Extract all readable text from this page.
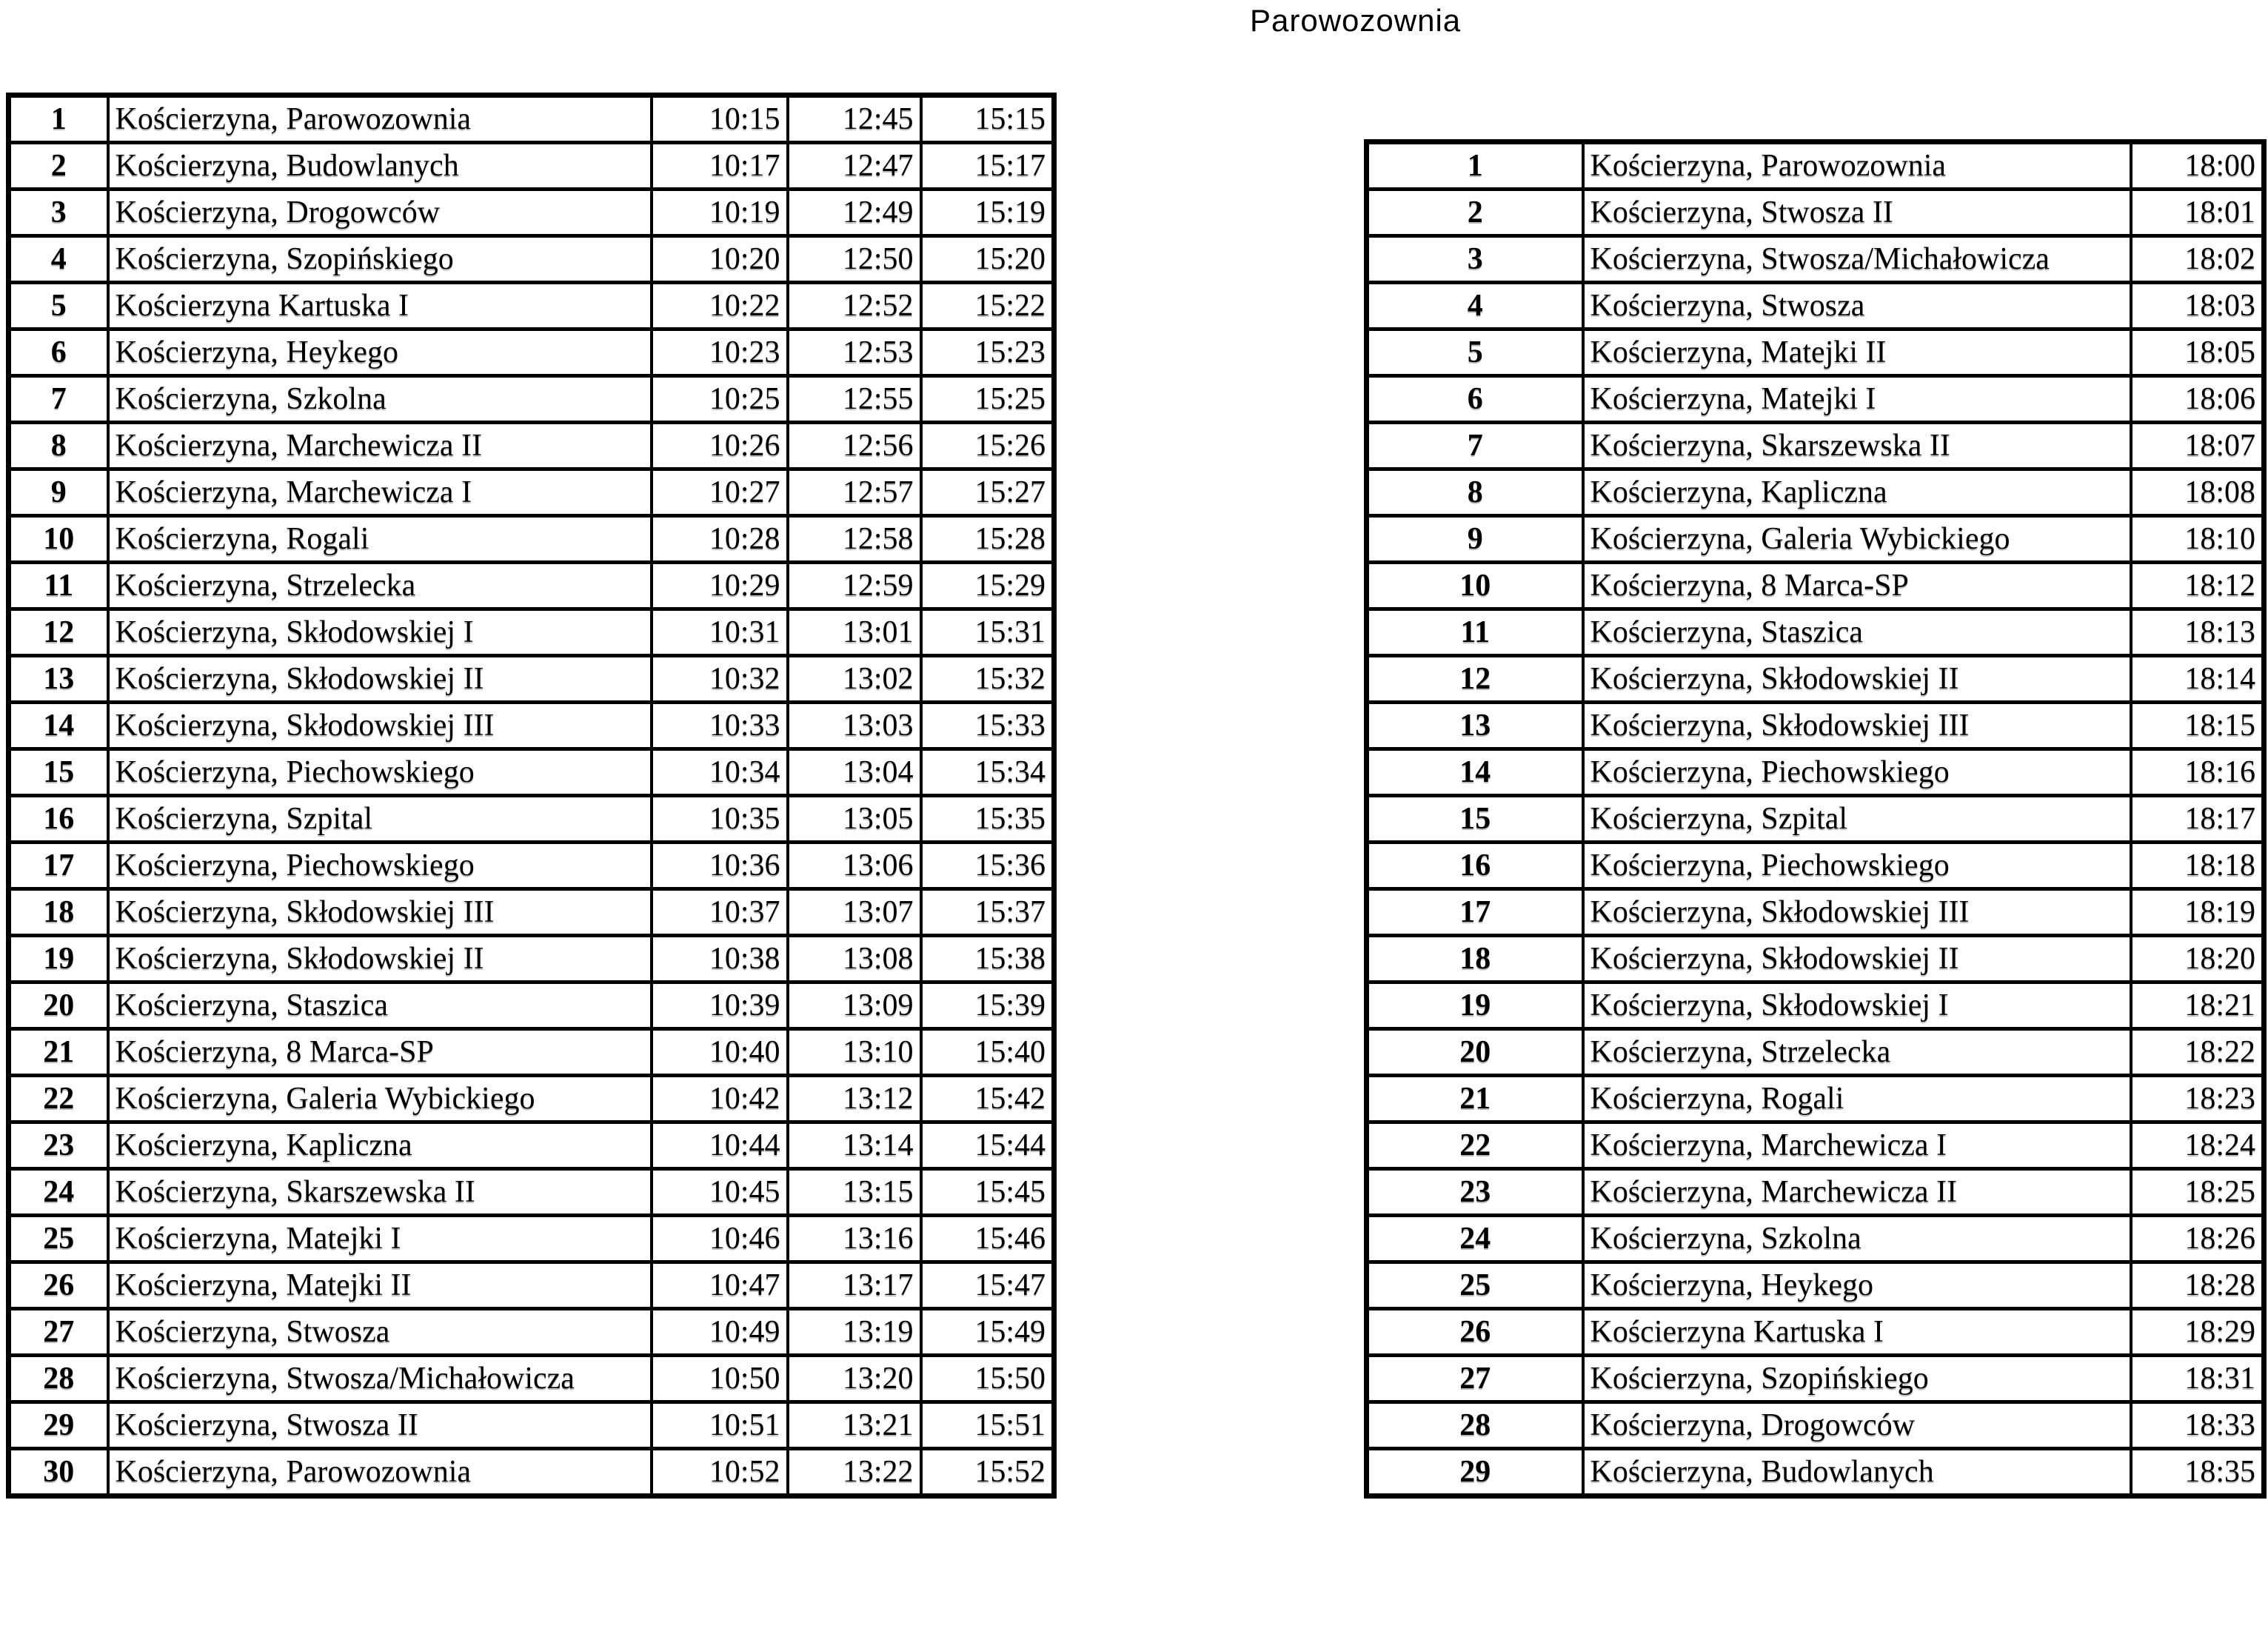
Parowozownia
1	Kościerzyna, Parowozownia	10:15	12:45	15:15
2	Kościerzyna, Budowlanych	10:17	12:47	15:17
3	Kościerzyna, Drogowców	10:19	12:49	15:19
4	Kościerzyna, Szopińskiego	10:20	12:50	15:20
5	Kościerzyna Kartuska I	10:22	12:52	15:22
6	Kościerzyna, Heykego	10:23	12:53	15:23
7	Kościerzyna, Szkolna	10:25	12:55	15:25
8	Kościerzyna, Marchewicza II	10:26	12:56	15:26
9	Kościerzyna, Marchewicza I	10:27	12:57	15:27
10	Kościerzyna, Rogali	10:28	12:58	15:28
11	Kościerzyna, Strzelecka	10:29	12:59	15:29
12	Kościerzyna, Skłodowskiej I	10:31	13:01	15:31
13	Kościerzyna, Skłodowskiej II	10:32	13:02	15:32
14	Kościerzyna, Skłodowskiej III	10:33	13:03	15:33
15	Kościerzyna, Piechowskiego	10:34	13:04	15:34
16	Kościerzyna, Szpital	10:35	13:05	15:35
17	Kościerzyna, Piechowskiego	10:36	13:06	15:36
18	Kościerzyna, Skłodowskiej III	10:37	13:07	15:37
19	Kościerzyna, Skłodowskiej II	10:38	13:08	15:38
20	Kościerzyna, Staszica	10:39	13:09	15:39
21	Kościerzyna, 8 Marca-SP	10:40	13:10	15:40
22	Kościerzyna, Galeria Wybickiego	10:42	13:12	15:42
23	Kościerzyna, Kapliczna	10:44	13:14	15:44
24	Kościerzyna, Skarszewska II	10:45	13:15	15:45
25	Kościerzyna, Matejki I	10:46	13:16	15:46
26	Kościerzyna, Matejki II	10:47	13:17	15:47
27	Kościerzyna, Stwosza	10:49	13:19	15:49
28	Kościerzyna, Stwosza/Michałowicza	10:50	13:20	15:50
29	Kościerzyna, Stwosza II	10:51	13:21	15:51
30	Kościerzyna, Parowozownia	10:52	13:22	15:52
1	Kościerzyna, Parowozownia	18:00
2	Kościerzyna, Stwosza II	18:01
3	Kościerzyna, Stwosza/Michałowicza	18:02
4	Kościerzyna, Stwosza	18:03
5	Kościerzyna, Matejki II	18:05
6	Kościerzyna, Matejki I	18:06
7	Kościerzyna, Skarszewska II	18:07
8	Kościerzyna, Kapliczna	18:08
9	Kościerzyna, Galeria Wybickiego	18:10
10	Kościerzyna, 8 Marca-SP	18:12
11	Kościerzyna, Staszica	18:13
12	Kościerzyna, Skłodowskiej II	18:14
13	Kościerzyna, Skłodowskiej III	18:15
14	Kościerzyna, Piechowskiego	18:16
15	Kościerzyna, Szpital	18:17
16	Kościerzyna, Piechowskiego	18:18
17	Kościerzyna, Skłodowskiej III	18:19
18	Kościerzyna, Skłodowskiej II	18:20
19	Kościerzyna, Skłodowskiej I	18:21
20	Kościerzyna, Strzelecka	18:22
21	Kościerzyna, Rogali	18:23
22	Kościerzyna, Marchewicza I	18:24
23	Kościerzyna, Marchewicza II	18:25
24	Kościerzyna, Szkolna	18:26
25	Kościerzyna, Heykego	18:28
26	Kościerzyna Kartuska I	18:29
27	Kościerzyna, Szopińskiego	18:31
28	Kościerzyna, Drogowców	18:33
29	Kościerzyna, Budowlanych	18:35
